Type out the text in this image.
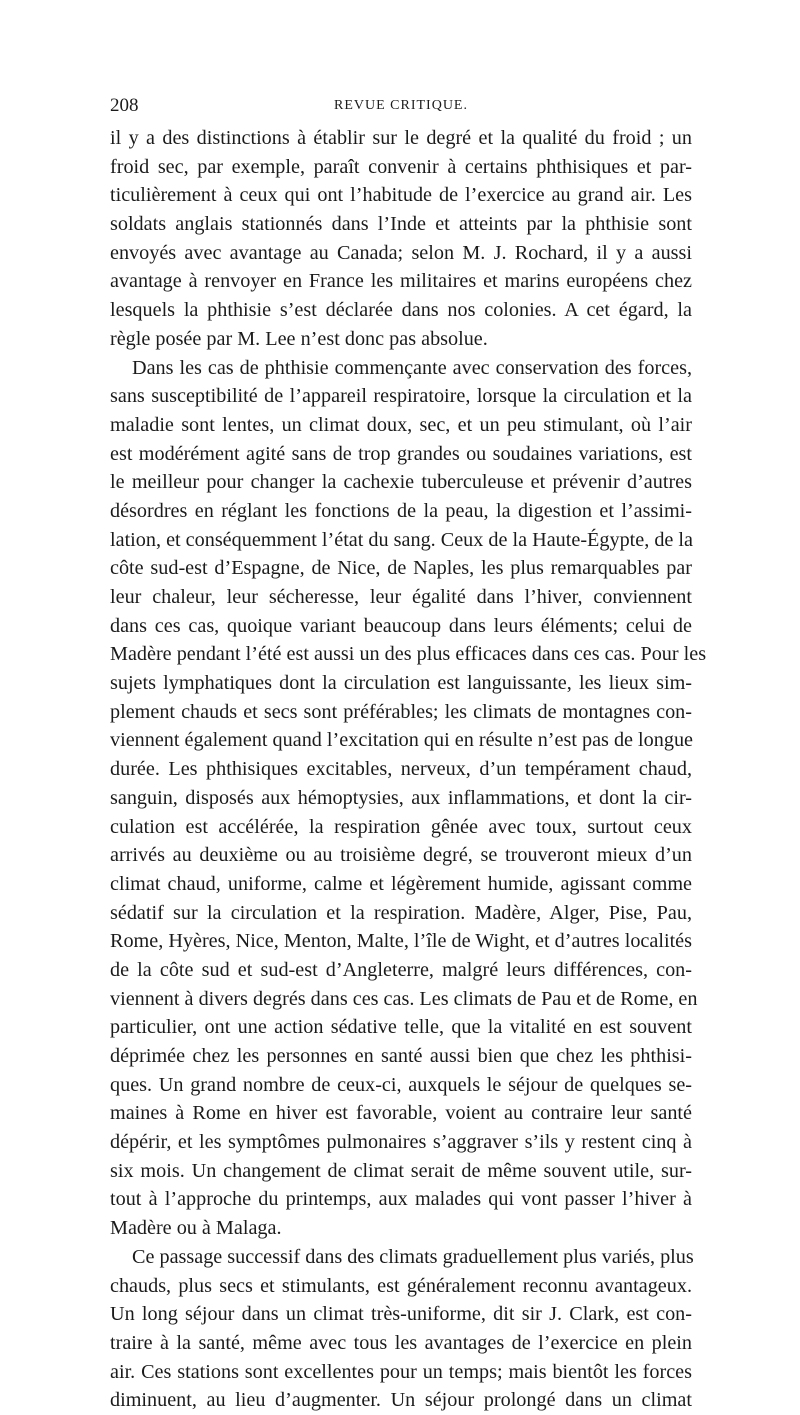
208	REVUE CRITIQUE.
il y a des distinctions à établir sur le degré et la qualité du froid ; un
froid sec, par exemple, paraît convenir à certains phthisiques et par-
ticulièrement à ceux qui ont l’habitude de l’exercice au grand air. Les
soldats anglais stationnés dans l’Inde et atteints par la phthisie sont
envoyés avec avantage au Canada; selon M. J. Rochard, il y a aussi
avantage à renvoyer en France les militaires et marins européens chez
lesquels la phthisie s’est déclarée dans nos colonies. A cet égard, la
règle posée par M. Lee n’est donc pas absolue.
Dans les cas de phthisie commençante avec conservation des forces,
sans susceptibilité de l’appareil respiratoire, lorsque la circulation et la
maladie sont lentes, un climat doux, sec, et un peu stimulant, où l’air
est modérément agité sans de trop grandes ou soudaines variations, est
le meilleur pour changer la cachexie tuberculeuse et prévenir d’autres
désordres en réglant les fonctions de la peau, la digestion et l’assimi-
lation, et conséquemment l’état du sang. Ceux de la Haute-Égypte, de la
côte sud-est d’Espagne, de Nice, de Naples, les plus remarquables par
leur chaleur, leur sécheresse, leur égalité dans l’hiver, conviennent
dans ces cas, quoique variant beaucoup dans leurs éléments; celui de
Madère pendant l’été est aussi un des plus efficaces dans ces cas. Pour les
sujets lymphatiques dont la circulation est languissante, les lieux sim-
plement chauds et secs sont préférables; les climats de montagnes con-
viennent également quand l’excitation qui en résulte n’est pas de longue
durée. Les phthisiques excitables, nerveux, d’un tempérament chaud,
sanguin, disposés aux hémoptysies, aux inflammations, et dont la cir-
culation est accélérée, la respiration gênée avec toux, surtout ceux
arrivés au deuxième ou au troisième degré, se trouveront mieux d’un
climat chaud, uniforme, calme et légèrement humide, agissant comme
sédatif sur la circulation et la respiration. Madère, Alger, Pise, Pau,
Rome, Hyères, Nice, Menton, Malte, l’île de Wight, et d’autres localités
de la côte sud et sud-est d’Angleterre, malgré leurs différences, con-
viennent à divers degrés dans ces cas. Les climats de Pau et de Rome, en
particulier, ont une action sédative telle, que la vitalité en est souvent
déprimée chez les personnes en santé aussi bien que chez les phthisi-
ques. Un grand nombre de ceux-ci, auxquels le séjour de quelques se-
maines à Rome en hiver est favorable, voient au contraire leur santé
dépérir, et les symptômes pulmonaires s’aggraver s’ils y restent cinq à
six mois. Un changement de climat serait de même souvent utile, sur-
tout à l’approche du printemps, aux malades qui vont passer l’hiver à
Madère ou à Malaga.
Ce passage successif dans des climats graduellement plus variés, plus
chauds, plus secs et stimulants, est généralement reconnu avantageux.
Un long séjour dans un climat très-uniforme, dit sir J. Clark, est con-
traire à la santé, même avec tous les avantages de l’exercice en plein
air. Ces stations sont excellentes pour un temps; mais bientôt les forces
diminuent, au lieu d’augmenter. Un séjour prolongé dans un climat
